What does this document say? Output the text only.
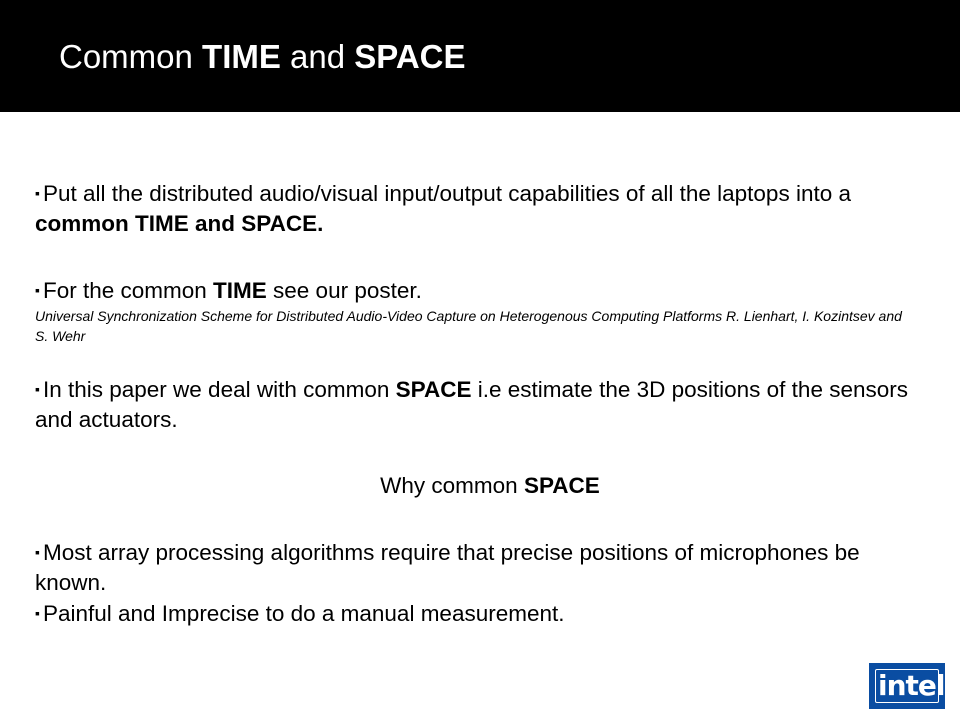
Common TIME and SPACE

▪ Put all the distributed audio/visual input/output capabilities of all the laptops into a common TIME and SPACE.

▪ For the common TIME see our poster.

Universal Synchronization Scheme for Distributed Audio-Video Capture on Heterogenous Computing Platforms R. Lienhart, I. Kozintsev and S. Wehr

▪ In this paper we deal with common SPACE i.e estimate the 3D positions of the sensors and actuators.

Why common SPACE

▪ Most array processing algorithms require that precise positions of microphones be known.

▪ Painful and Imprecise to do a manual measurement.

intel
